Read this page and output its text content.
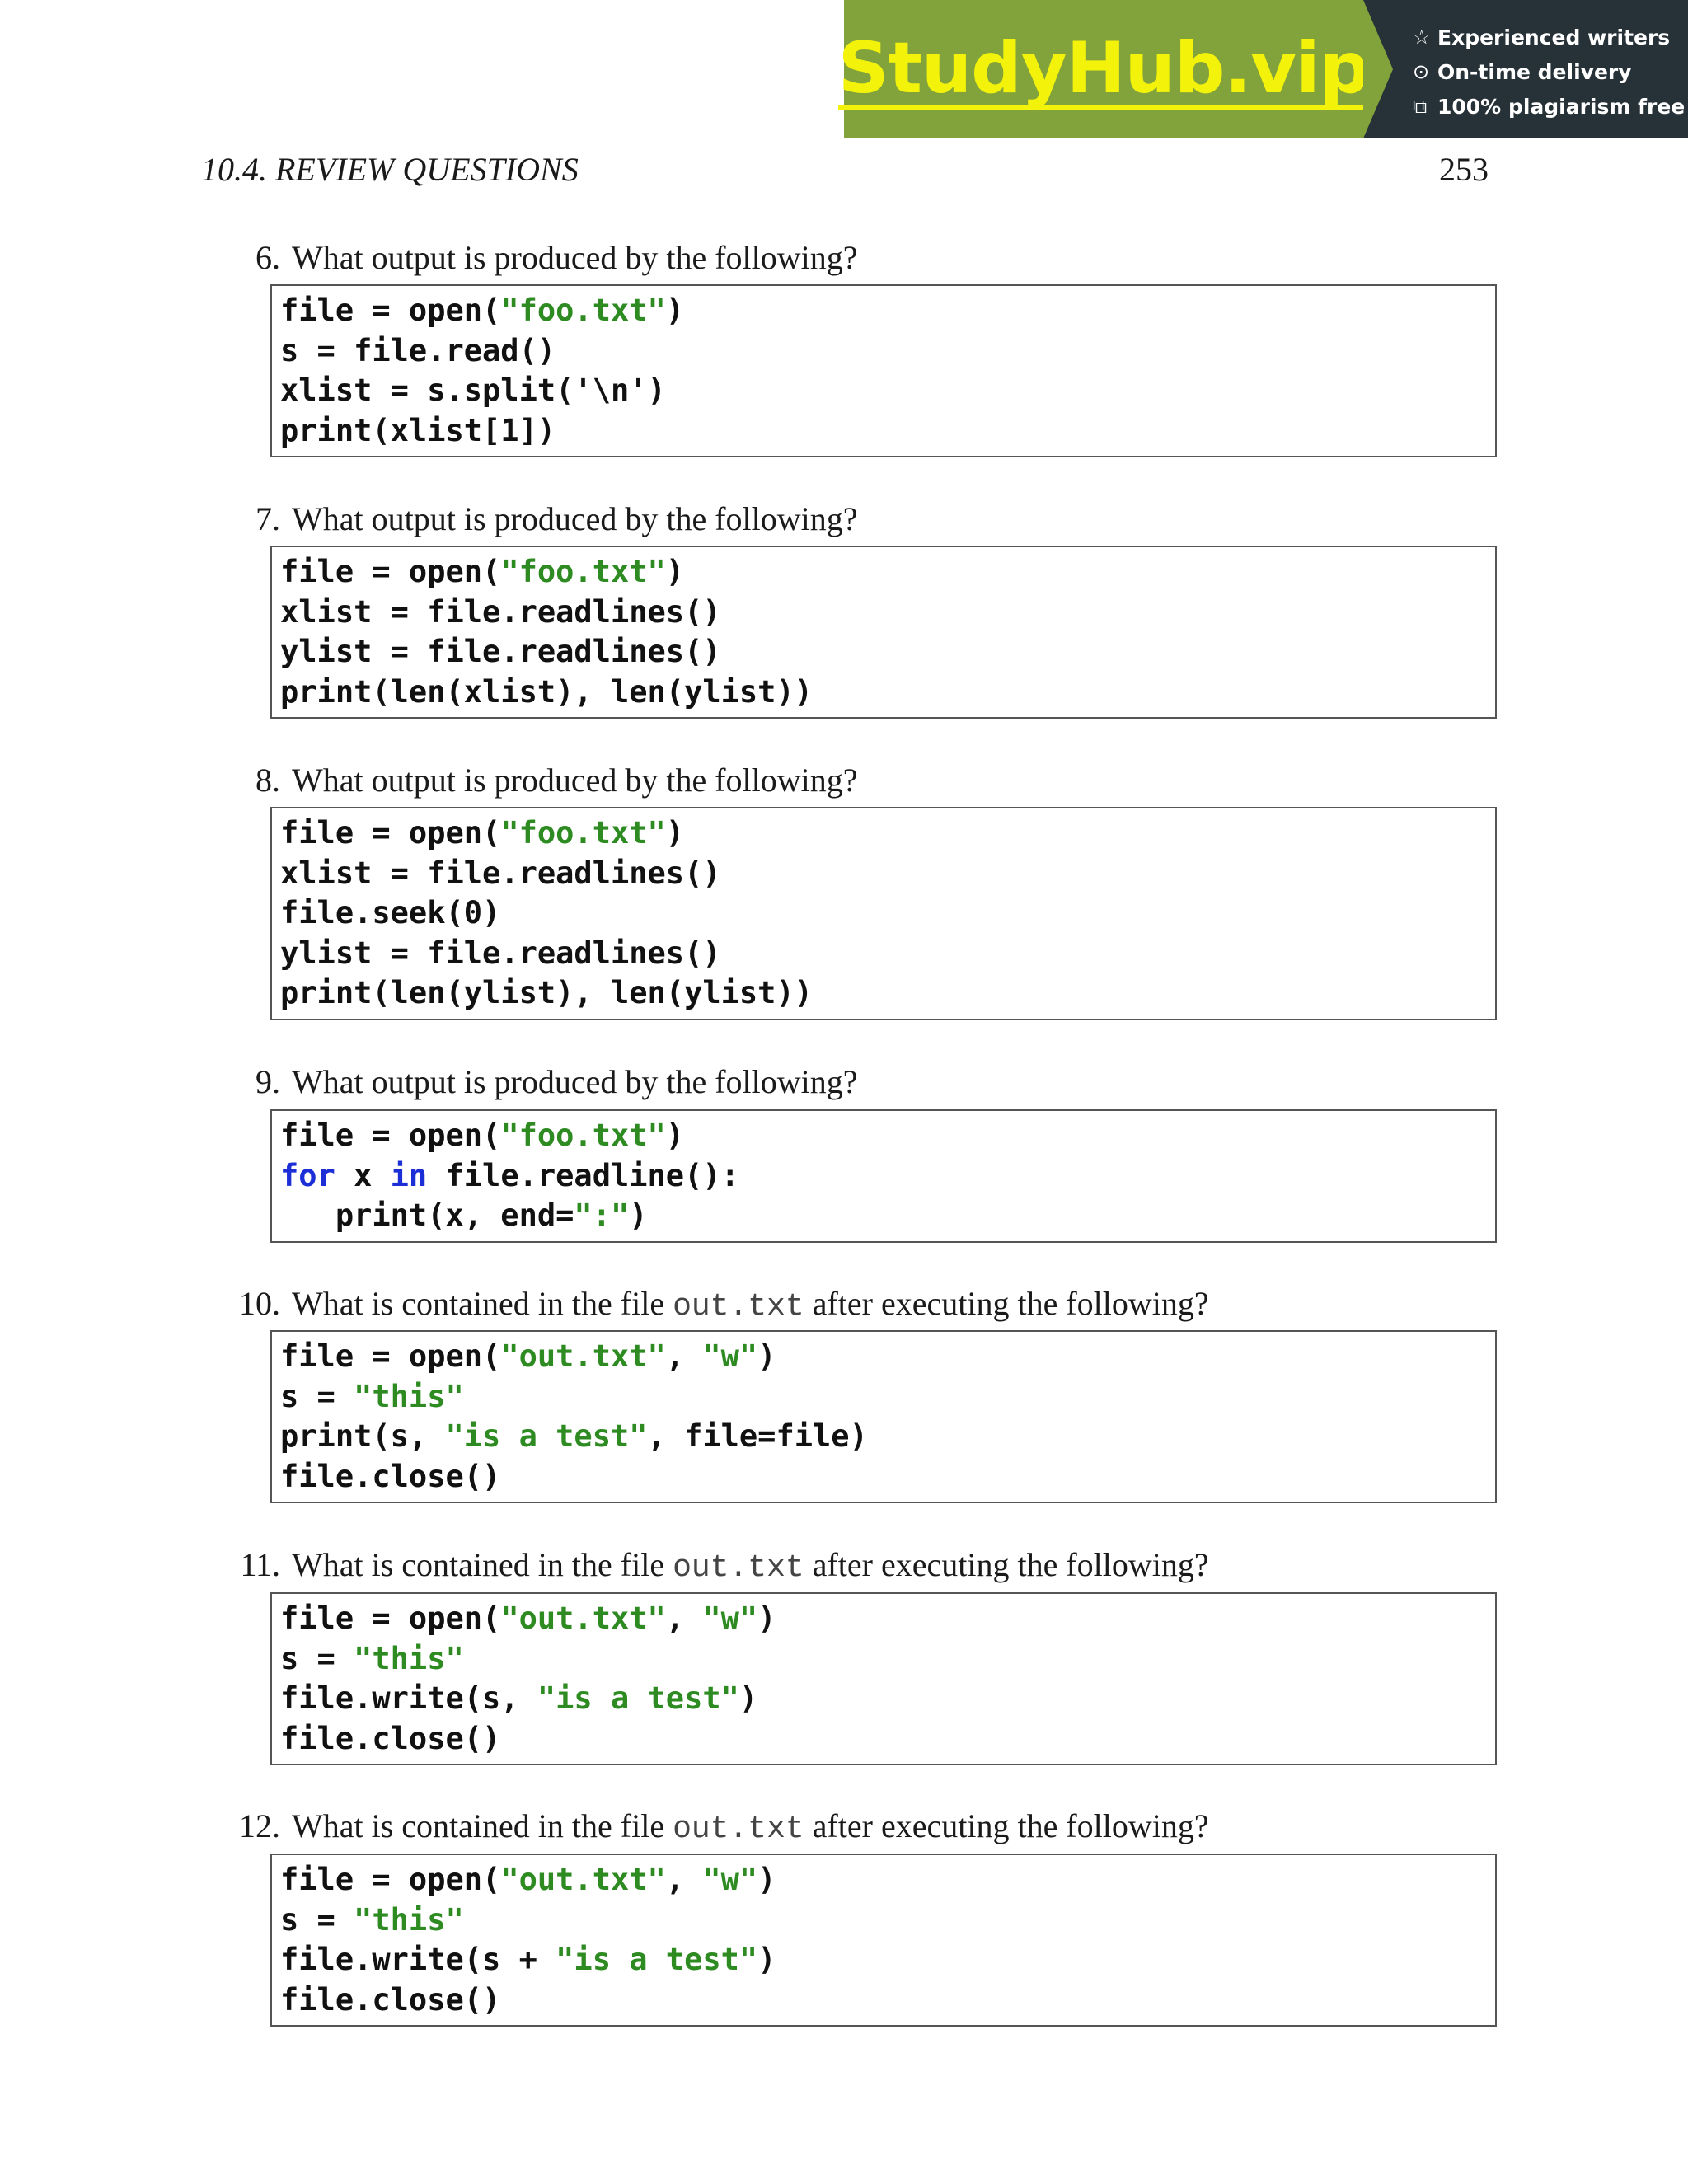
StudyHub.vip ☆ Experienced writers
⊙ On-time delivery
⧉ 100% plagiarism free
10.4. REVIEW QUESTIONS	253
6. What output is produced by the following?
file = open("foo.txt")
s = file.read()
xlist = s.split('\n')
print(xlist[1])
7. What output is produced by the following?
file = open("foo.txt")
xlist = file.readlines()
ylist = file.readlines()
print(len(xlist), len(ylist))
8. What output is produced by the following?
file = open("foo.txt")
xlist = file.readlines()
file.seek(0)
ylist = file.readlines()
print(len(ylist), len(ylist))
9. What output is produced by the following?
file = open("foo.txt")
for x in file.readline():
print(x, end=":")
10. What is contained in the file out.txt after executing the following?
file = open("out.txt", "w")
s = "this"
print(s, "is a test", file=file)
file.close()
11. What is contained in the file out.txt after executing the following?
file = open("out.txt", "w")
s = "this"
file.write(s, "is a test")
file.close()
12. What is contained in the file out.txt after executing the following?
file = open("out.txt", "w")
s = "this"
file.write(s + "is a test")
file.close()
